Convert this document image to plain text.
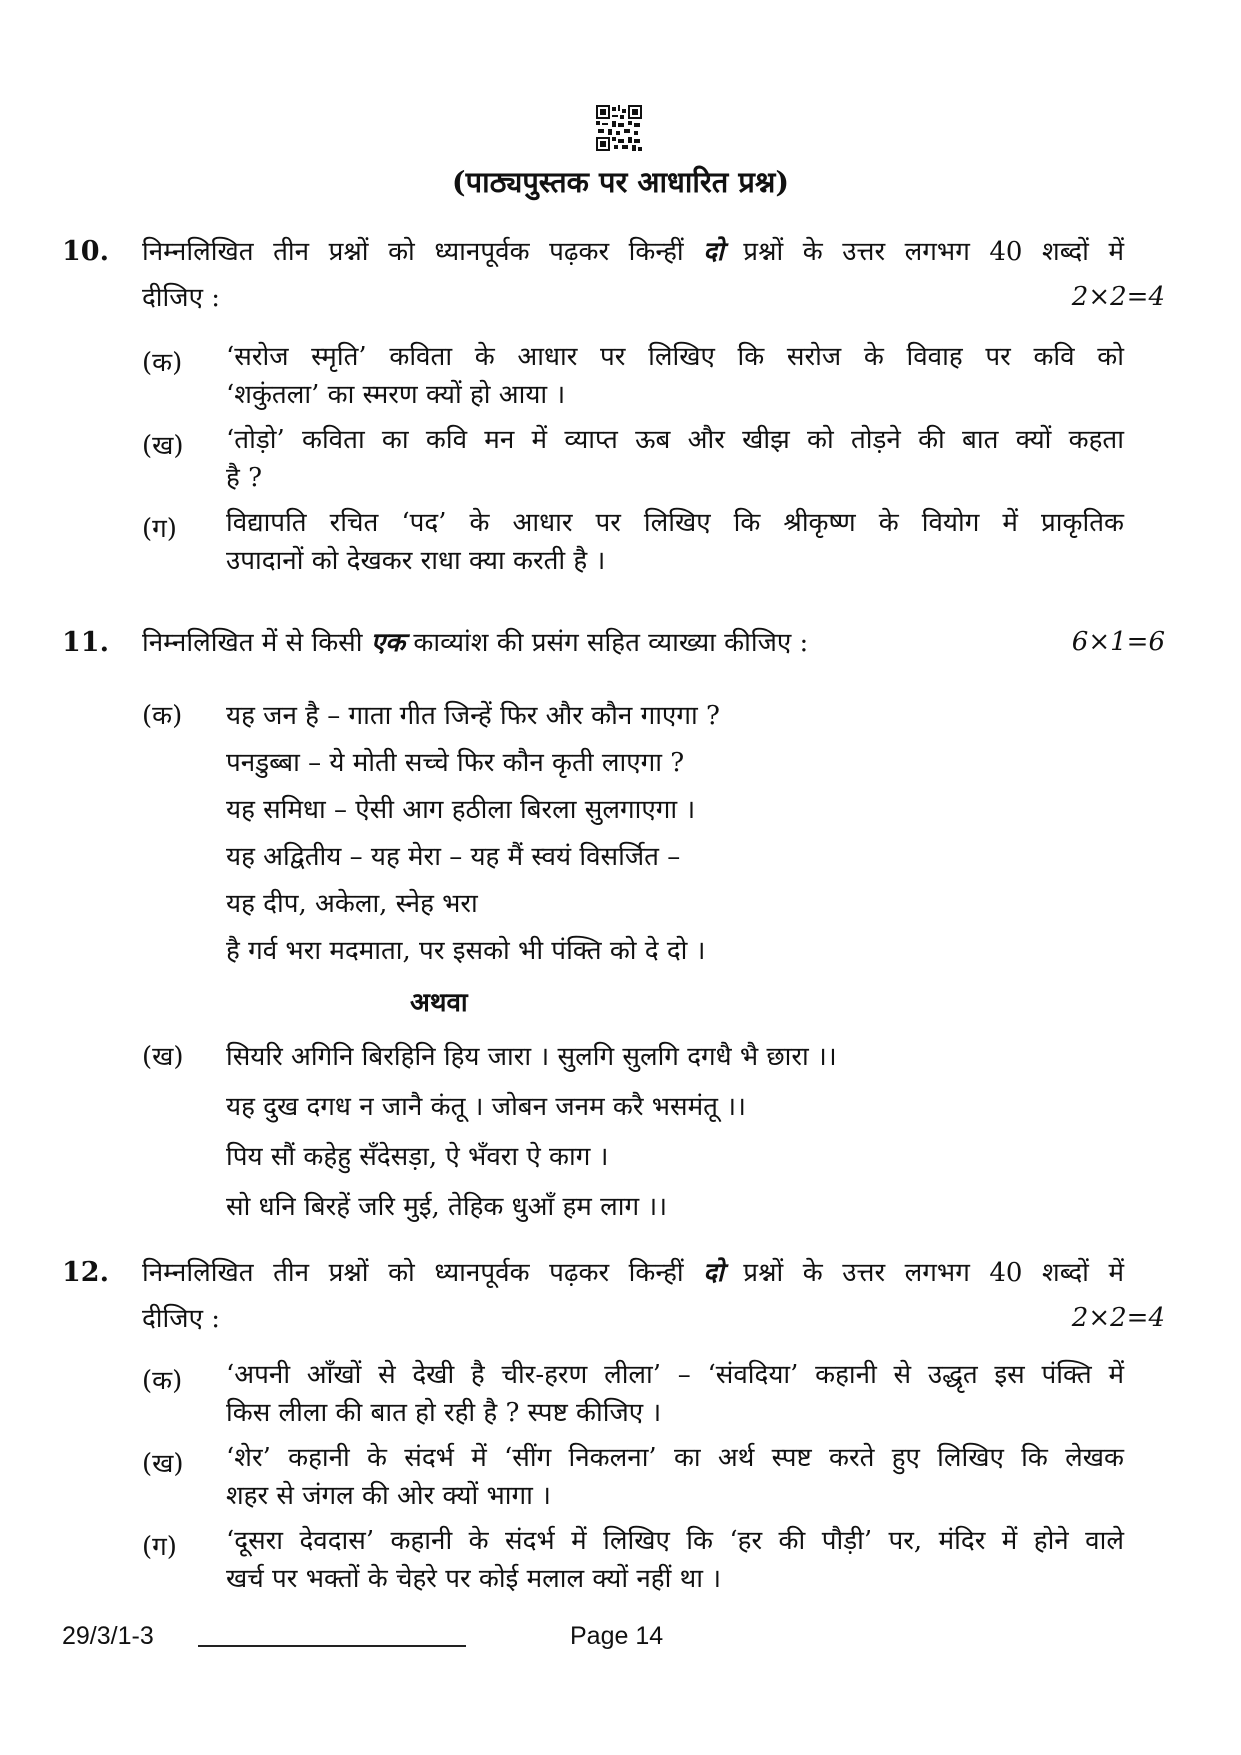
(पाठ्यपुस्तक पर आधारित प्रश्न)
10. निम्नलिखित तीन प्रश्नों को ध्यानपूर्वक पढ़कर किन्हीं दो प्रश्नों के उत्तर लगभग 40 शब्दों में
दीजिए :	2×2=4
(क) ‘सरोज स्मृति’ कविता के आधार पर लिखिए कि सरोज के विवाह पर कवि को
‘शकुंतला’ का स्मरण क्यों हो आया ।
(ख) ‘तोड़ो’ कविता का कवि मन में व्याप्त ऊब और खीझ को तोड़ने की बात क्यों कहता
है ?
(ग) विद्यापति रचित ‘पद’ के आधार पर लिखिए कि श्रीकृष्ण के वियोग में प्राकृतिक
उपादानों को देखकर राधा क्या करती है ।
11. निम्नलिखित में से किसी एक काव्यांश की प्रसंग सहित व्याख्या कीजिए :	6×1=6
(क) यह जन है – गाता गीत जिन्हें फिर और कौन गाएगा ?
पनडुब्बा – ये मोती सच्चे फिर कौन कृती लाएगा ?
यह समिधा – ऐसी आग हठीला बिरला सुलगाएगा ।
यह अद्वितीय – यह मेरा – यह मैं स्वयं विसर्जित –
यह दीप, अकेला, स्नेह भरा
है गर्व भरा मदमाता, पर इसको भी पंक्ति को दे दो ।
अथवा
(ख) सियरि अगिनि बिरहिनि हिय जारा । सुलगि सुलगि दगधै भै छारा ।।
यह दुख दगध न जानै कंतू । जोबन जनम करै भसमंतू ।।
पिय सौं कहेहु सँदेसड़ा, ऐ भँवरा ऐ काग ।
सो धनि बिरहें जरि मुई, तेहिक धुआँ हम लाग ।।
12. निम्नलिखित तीन प्रश्नों को ध्यानपूर्वक पढ़कर किन्हीं दो प्रश्नों के उत्तर लगभग 40 शब्दों में
दीजिए :	2×2=4
(क) ‘अपनी आँखों से देखी है चीर-हरण लीला’ – ‘संवदिया’ कहानी से उद्धृत इस पंक्ति में
किस लीला की बात हो रही है ? स्पष्ट कीजिए ।
(ख) ‘शेर’ कहानी के संदर्भ में ‘सींग निकलना’ का अर्थ स्पष्ट करते हुए लिखिए कि लेखक
शहर से जंगल की ओर क्यों भागा ।
(ग) ‘दूसरा देवदास’ कहानी के संदर्भ में लिखिए कि ‘हर की पौड़ी’ पर, मंदिर में होने वाले
खर्च पर भक्तों के चेहरे पर कोई मलाल क्यों नहीं था ।
29/3/1-3	Page 14
